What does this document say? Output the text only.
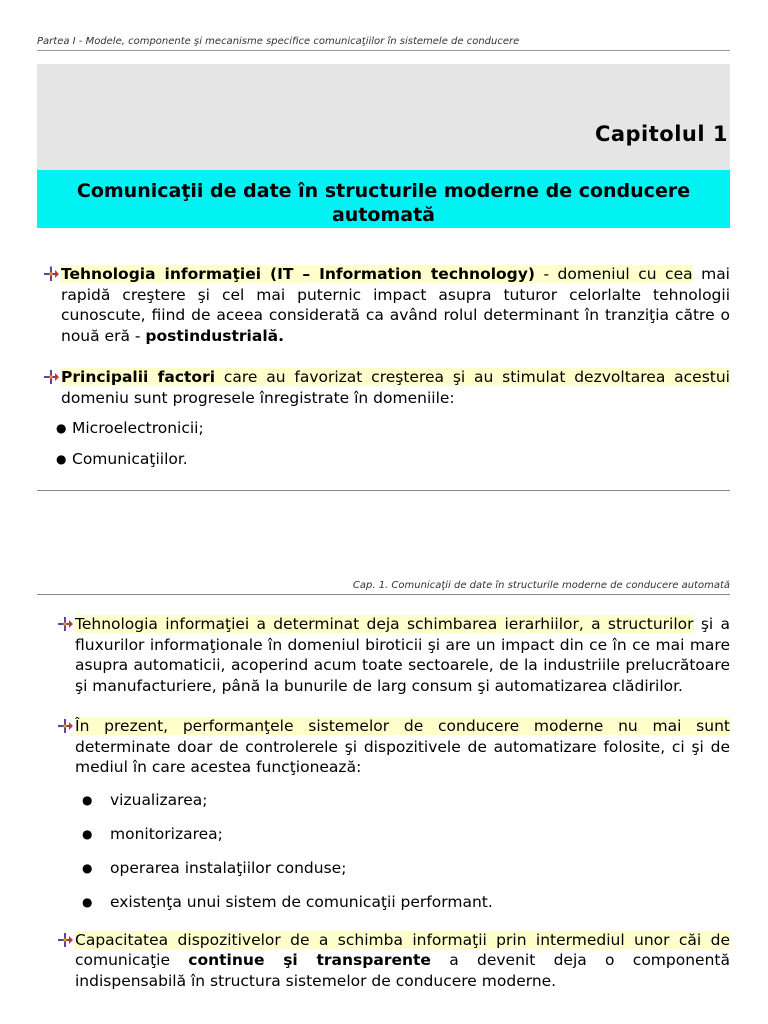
Partea I - Modele, componente şi mecanisme specifice comunicaţiilor în sistemele de conducere
Capitolul 1
Comunicaţii de date în structurile moderne de conducere automată
Tehnologia informaţiei (IT – Information technology) - domeniul cu cea mai rapidă creştere şi cel mai puternic impact asupra tuturor celorlalte tehnologii cunoscute, fiind de aceea considerată ca având rolul determinant în tranziţia către o nouă eră - postindustrială.
Principalii factori care au favorizat creşterea şi au stimulat dezvoltarea acestui domeniu sunt progresele înregistrate în domeniile:
● Microelectronicii;
● Comunicaţiilor.
Cap. 1. Comunicaţii de date în structurile moderne de conducere automată
Tehnologia informaţiei a determinat deja schimbarea ierarhiilor, a structurilor şi a fluxurilor informaţionale în domeniul biroticii şi are un impact din ce în ce mai mare asupra automaticii, acoperind acum toate sectoarele, de la industriile prelucrătoare şi manufacturiere, până la bunurile de larg consum şi automatizarea clădirilor.
În prezent, performanţele sistemelor de conducere moderne nu mai sunt determinate doar de controlerele şi dispozitivele de automatizare folosite, ci şi de mediul în care acestea funcţionează:
● vizualizarea;
● monitorizarea;
● operarea instalaţiilor conduse;
● existenţa unui sistem de comunicaţii performant.
Capacitatea dispozitivelor de a schimba informaţii prin intermediul unor căi de comunicaţie continue şi transparente a devenit deja o componentă indispensabilă în structura sistemelor de conducere moderne.
